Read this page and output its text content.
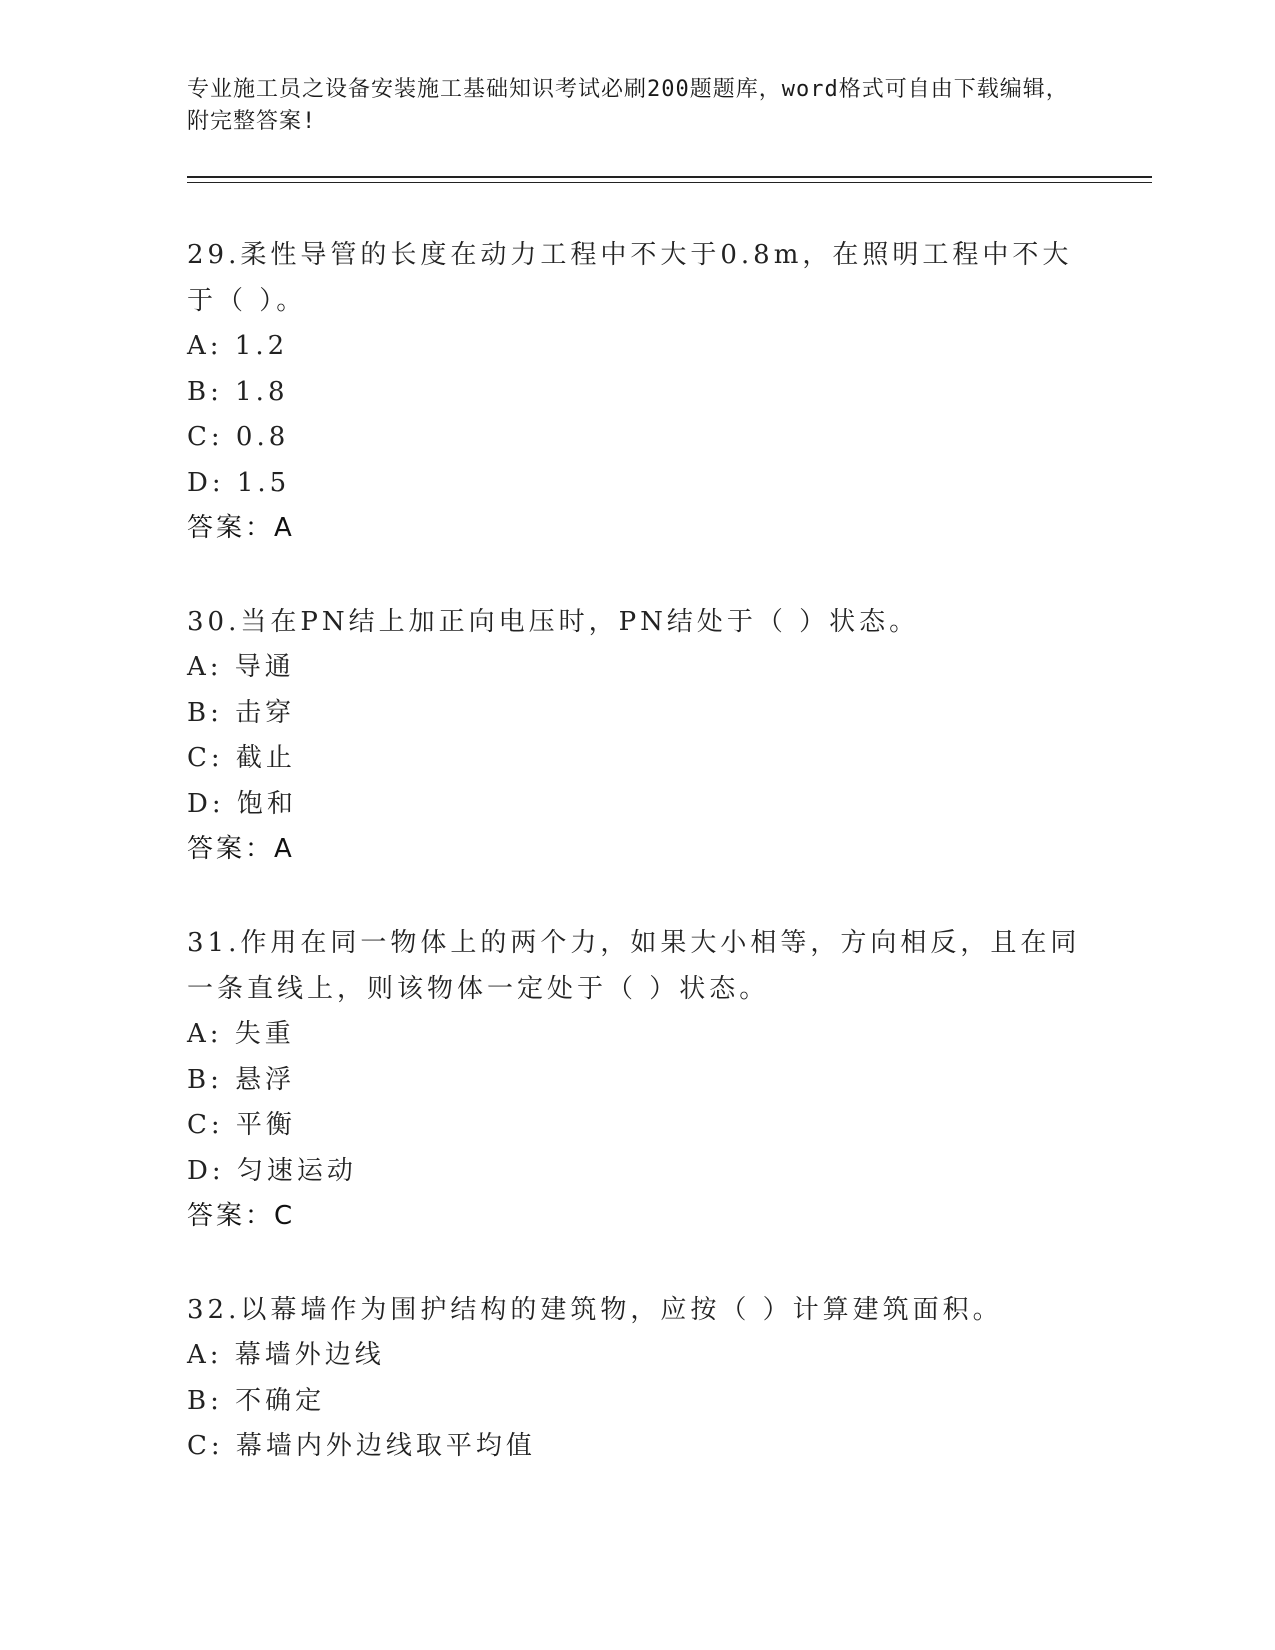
专业施工员之设备安装施工基础知识考试必刷200题题库，word格式可自由下载编辑，附完整答案!
29.柔性导管的长度在动力工程中不大于0.8m，在照明工程中不大于（ ）。
A: 1.2
B: 1.8
C: 0.8
D: 1.5
答案：A
30.当在PN结上加正向电压时，PN结处于（ ）状态。
A: 导通
B: 击穿
C: 截止
D: 饱和
答案：A
31.作用在同一物体上的两个力，如果大小相等，方向相反，且在同一条直线上，则该物体一定处于（ ）状态。
A: 失重
B: 悬浮
C: 平衡
D: 匀速运动
答案：C
32.以幕墙作为围护结构的建筑物，应按（ ）计算建筑面积。
A: 幕墙外边线
B: 不确定
C: 幕墙内外边线取平均值
